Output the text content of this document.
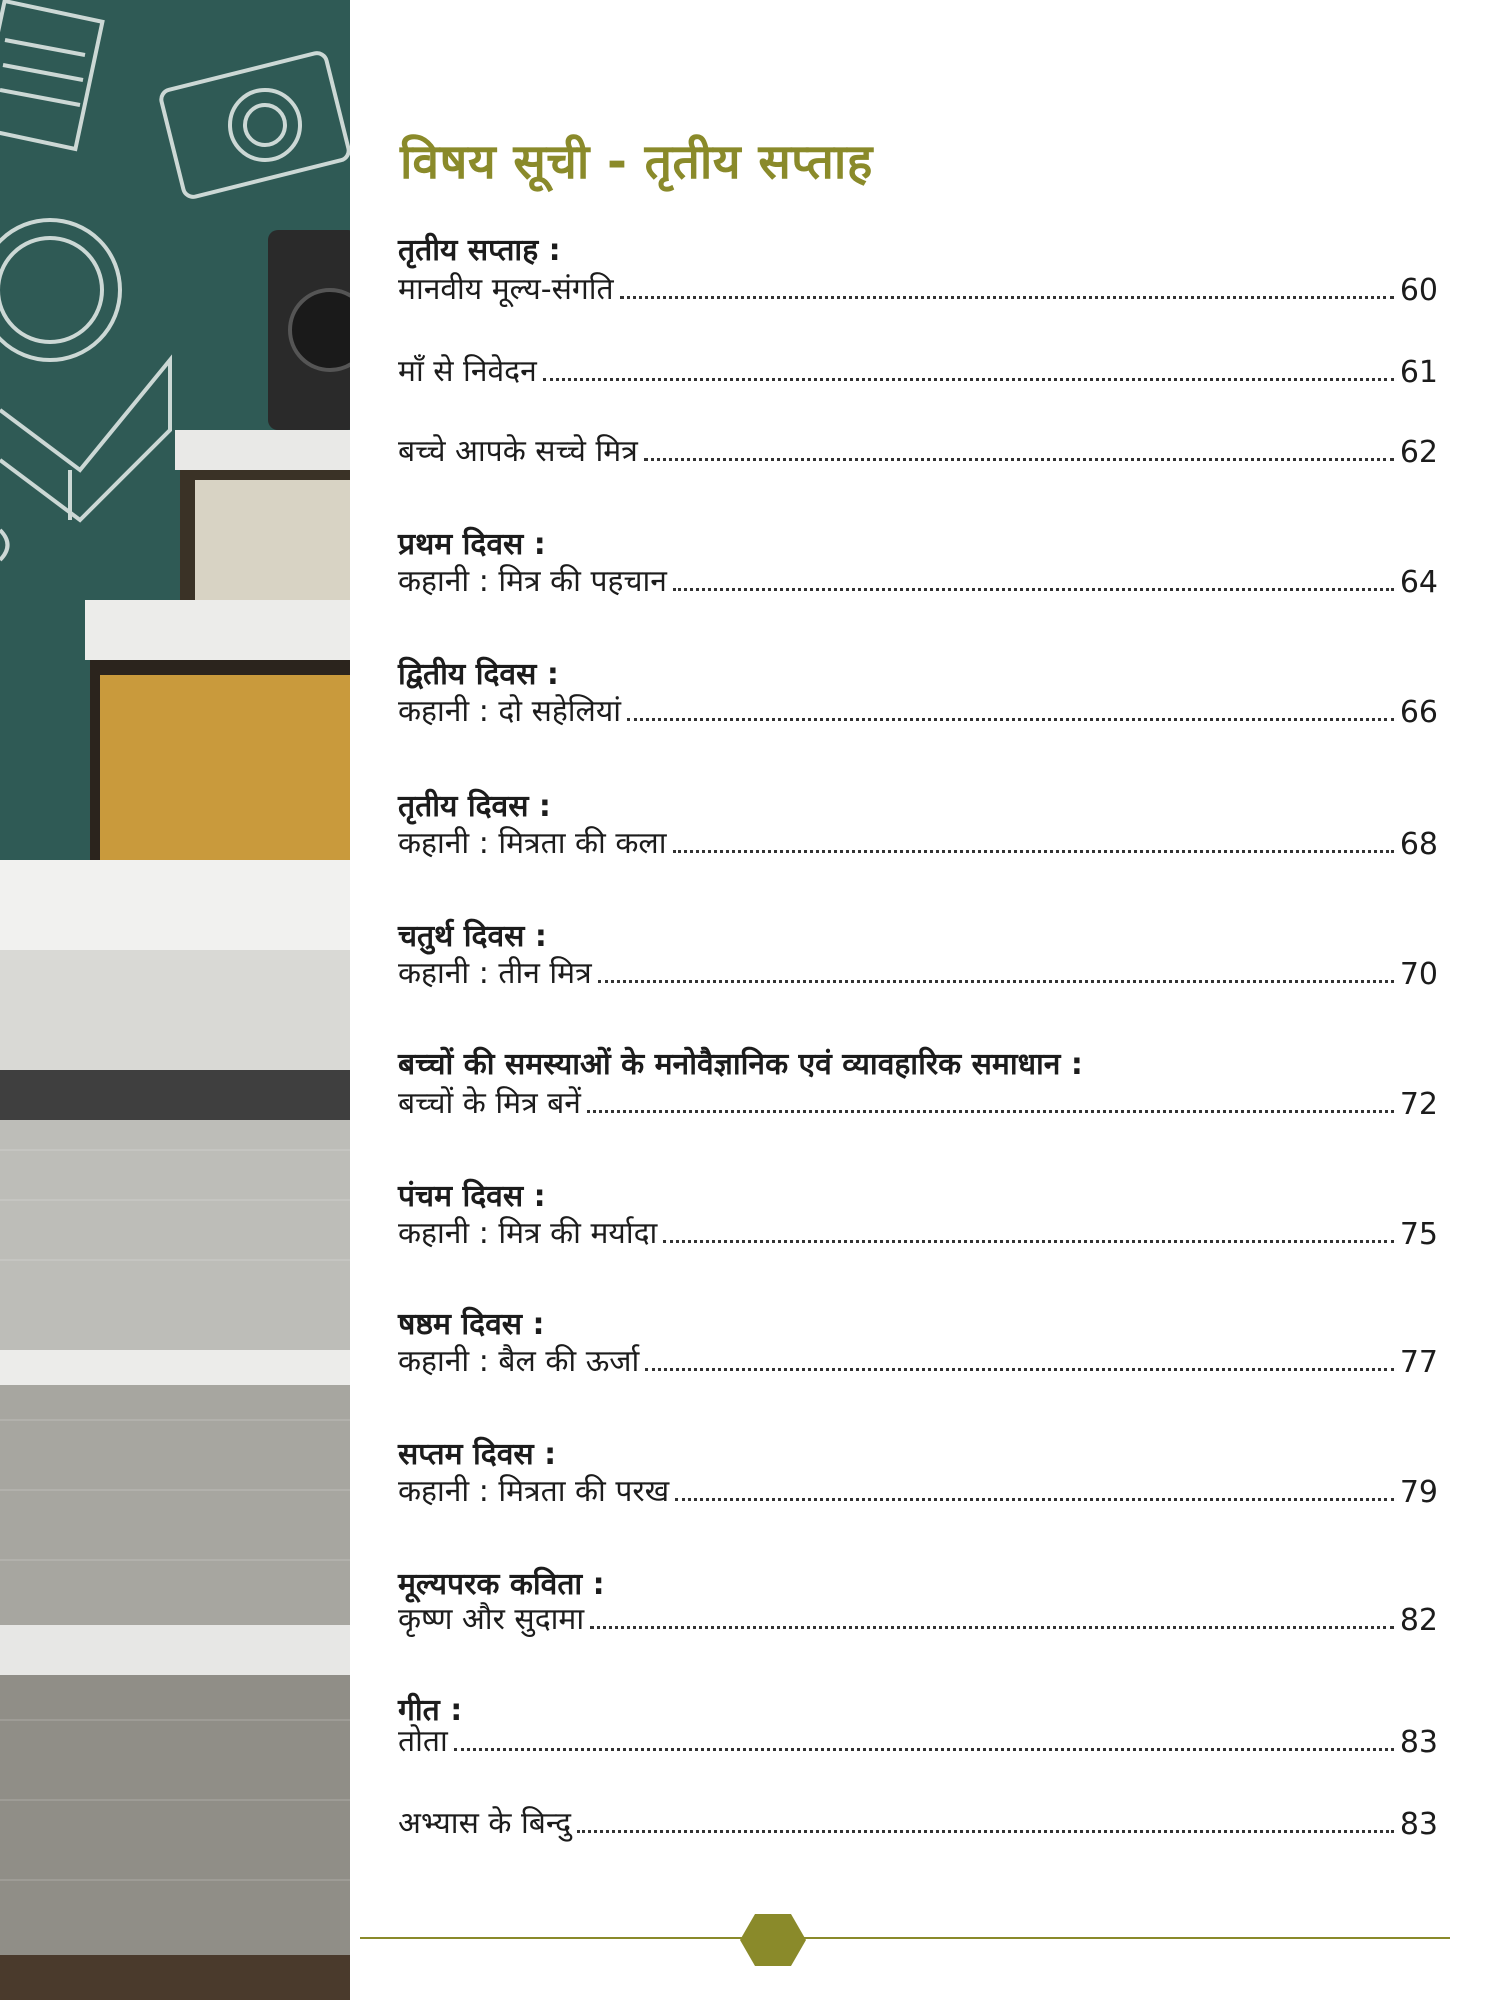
विषय सूची - तृतीय सप्ताह
तृतीय सप्ताह :
मानवीय मूल्य-संगति	60
माँ से निवेदन	61
बच्चे आपके सच्चे मित्र	62
प्रथम दिवस :
कहानी : मित्र की पहचान	64
द्वितीय दिवस :
कहानी : दो सहेलियां	66
तृतीय दिवस :
कहानी : मित्रता की कला	68
चतुर्थ दिवस :
कहानी : तीन मित्र	70
बच्चों की समस्याओं के मनोवैज्ञानिक एवं व्यावहारिक समाधान :
बच्चों के मित्र बनें	72
पंचम दिवस :
कहानी : मित्र की मर्यादा	75
षष्ठम दिवस :
कहानी : बैल की ऊर्जा	77
सप्तम दिवस :
कहानी : मित्रता की परख	79
मूल्यपरक कविता :
कृष्ण और सुदामा	82
गीत :
तोता	83
अभ्यास के बिन्दु	83
